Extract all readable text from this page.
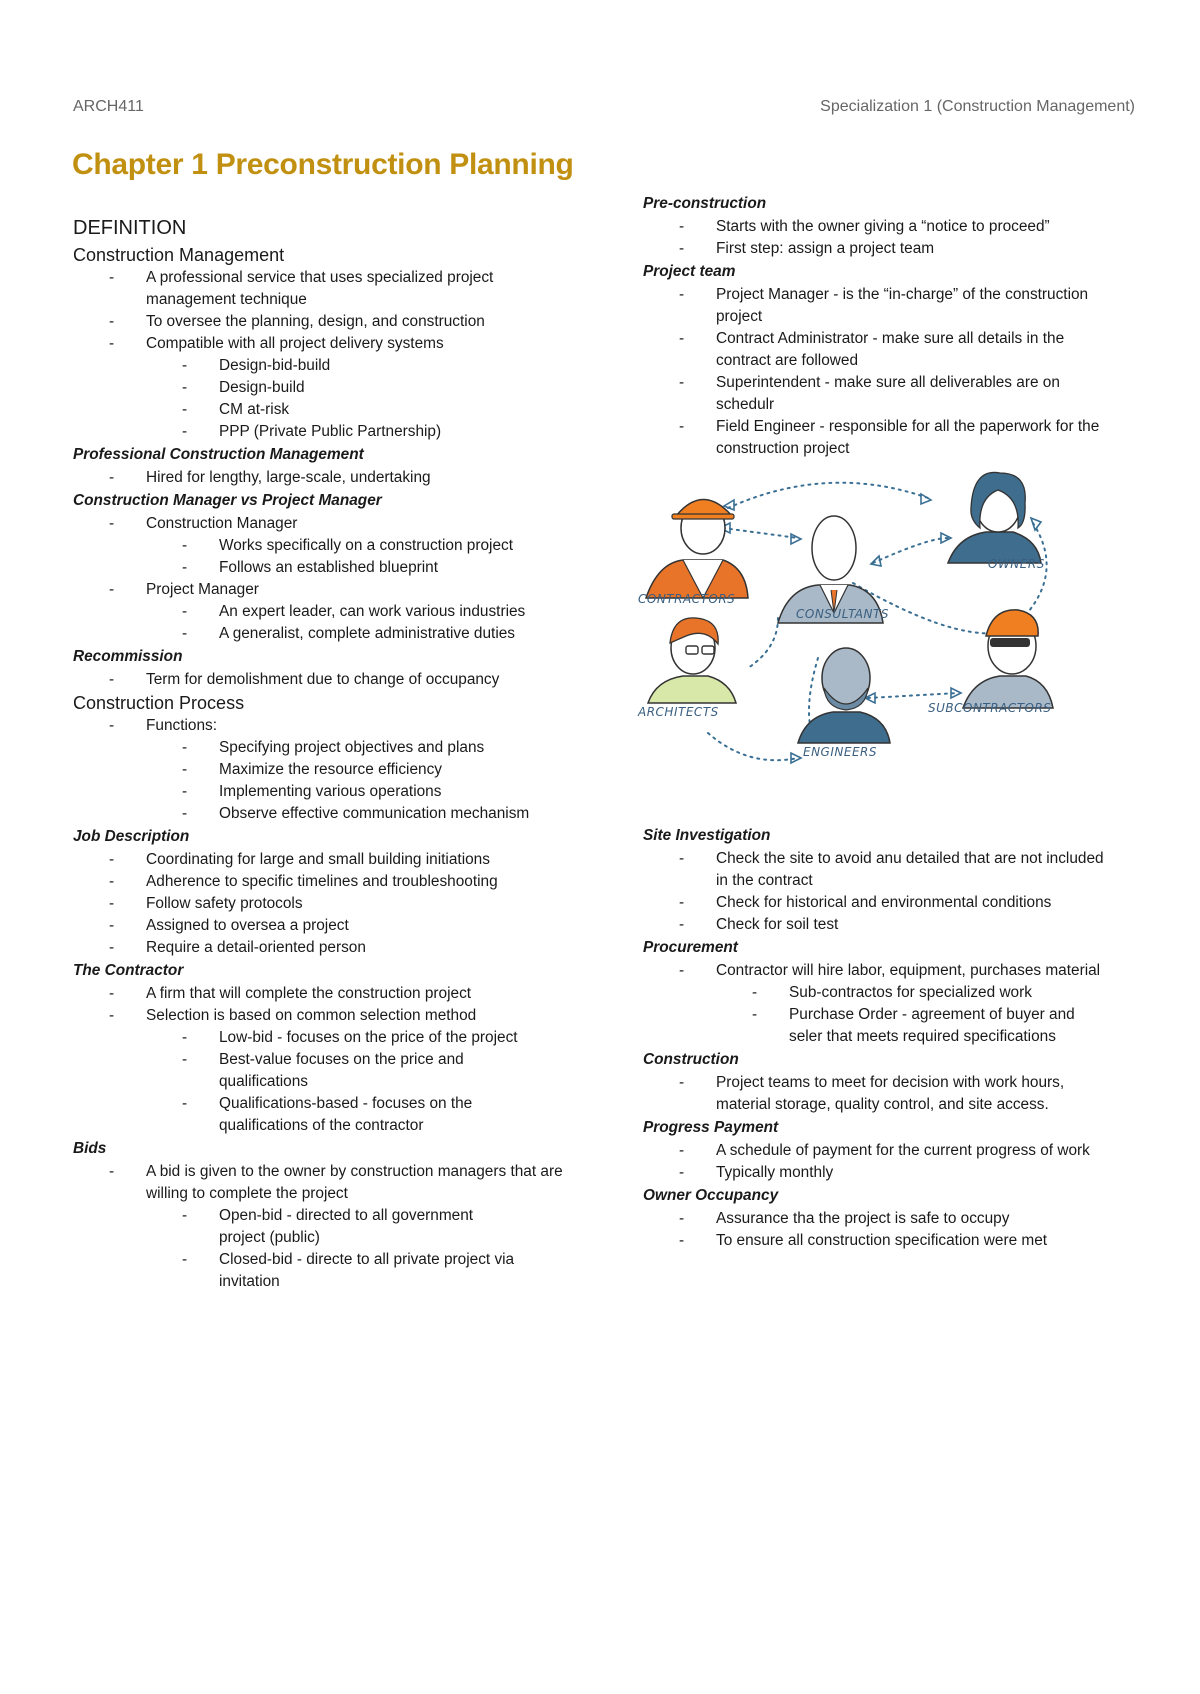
ARCH411	Specialization 1 (Construction Management)
Chapter 1 Preconstruction Planning
DEFINITION
Construction Management
- A professional service that uses specialized project management technique
- To oversee the planning, design, and construction
- Compatible with all project delivery systems
- Design-bid-build
- Design-build
- CM at-risk
- PPP (Private Public Partnership)
Professional Construction Management
- Hired for lengthy, large-scale, undertaking
Construction Manager vs Project Manager
- Construction Manager
- Works specifically on a construction project
- Follows an established blueprint
- Project Manager
- An expert leader, can work various industries
- A generalist, complete administrative duties
Recommission
- Term for demolishment due to change of occupancy
Construction Process
- Functions:
- Specifying project objectives and plans
- Maximize the resource efficiency
- Implementing various operations
- Observe effective communication mechanism
Job Description
- Coordinating for large and small building initiations
- Adherence to specific timelines and troubleshooting
- Follow safety protocols
- Assigned to oversea a project
- Require a detail-oriented person
The Contractor
- A firm that will complete the construction project
- Selection is based on common selection method
- Low-bid - focuses on the price of the project
- Best-value focuses on the price and qualifications
- Qualifications-based - focuses on the qualifications of the contractor
Bids
- A bid is given to the owner by construction managers that are willing to complete the project
- Open-bid - directed to all government project (public)
- Closed-bid - directe to all private project via invitation
Pre-construction
- Starts with the owner giving a “notice to proceed”
- First step: assign a project team
Project team
- Project Manager - is the “in-charge” of the construction project
- Contract Administrator - make sure all details in the contract are followed
- Superintendent - make sure all deliverables are on schedulr
- Field Engineer - responsible for all the paperwork for the construction project
CONTRACTORS
CONSULTANTS
OWNERS
ARCHITECTS
ENGINEERS
SUBCONTRACTORS
Site Investigation
- Check the site to avoid anu detailed that are not included in the contract
- Check for historical and environmental conditions
- Check for soil test
Procurement
- Contractor will hire labor, equipment, purchases material
- Sub-contractos for specialized work
- Purchase Order - agreement of buyer and seler that meets required specifications
Construction
- Project teams to meet for decision with work hours, material storage, quality control, and site access.
Progress Payment
- A schedule of payment for the current progress of work
- Typically monthly
Owner Occupancy
- Assurance tha the project is safe to occupy
- To ensure all construction specification were met
